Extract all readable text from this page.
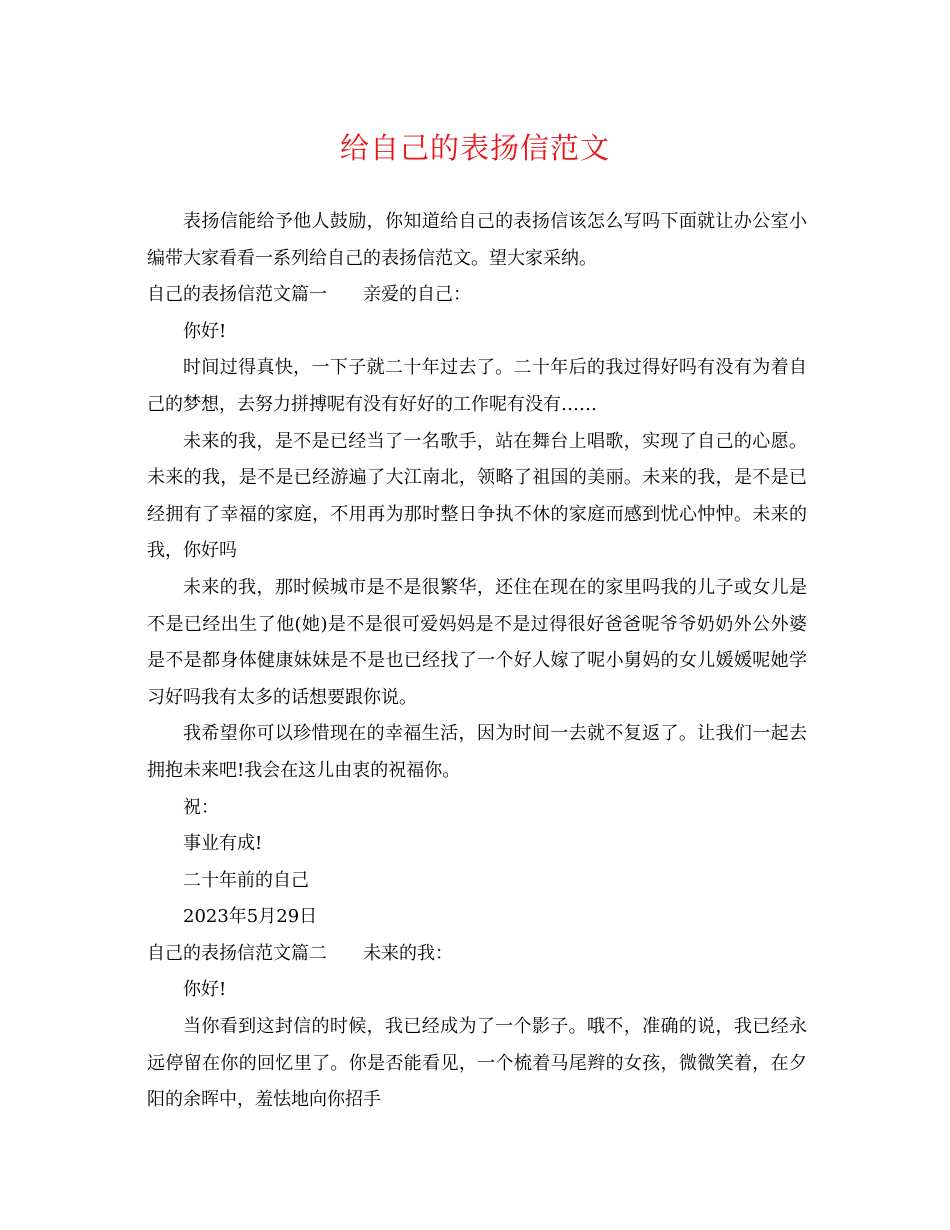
给自己的表扬信范文

表扬信能给予他人鼓励，你知道给自己的表扬信该怎么写吗下面就让办公室小编带大家看看一系列给自己的表扬信范文。望大家采纳。

自己的表扬信范文篇一 亲爱的自己：

你好!

时间过得真快，一下子就二十年过去了。二十年后的我过得好吗有没有为着自己的梦想，去努力拼搏呢有没有好好的工作呢有没有……

未来的我，是不是已经当了一名歌手，站在舞台上唱歌，实现了自己的心愿。未来的我，是不是已经游遍了大江南北，领略了祖国的美丽。未来的我，是不是已经拥有了幸福的家庭，不用再为那时整日争执不休的家庭而感到忧心忡忡。未来的我，你好吗

未来的我，那时候城市是不是很繁华，还住在现在的家里吗我的儿子或女儿是不是已经出生了他(她)是不是很可爱妈妈是不是过得很好爸爸呢爷爷奶奶外公外婆是不是都身体健康妹妹是不是也已经找了一个好人嫁了呢小舅妈的女儿媛媛呢她学习好吗我有太多的话想要跟你说。

我希望你可以珍惜现在的幸福生活，因为时间一去就不复返了。让我们一起去拥抱未来吧!我会在这儿由衷的祝福你。

祝：

事业有成!

二十年前的自己

2023年5月29日

自己的表扬信范文篇二 未来的我：

你好!

当你看到这封信的时候，我已经成为了一个影子。哦不，准确的说，我已经永远停留在你的回忆里了。你是否能看见，一个梳着马尾辫的女孩，微微笑着，在夕阳的余晖中，羞怯地向你招手
